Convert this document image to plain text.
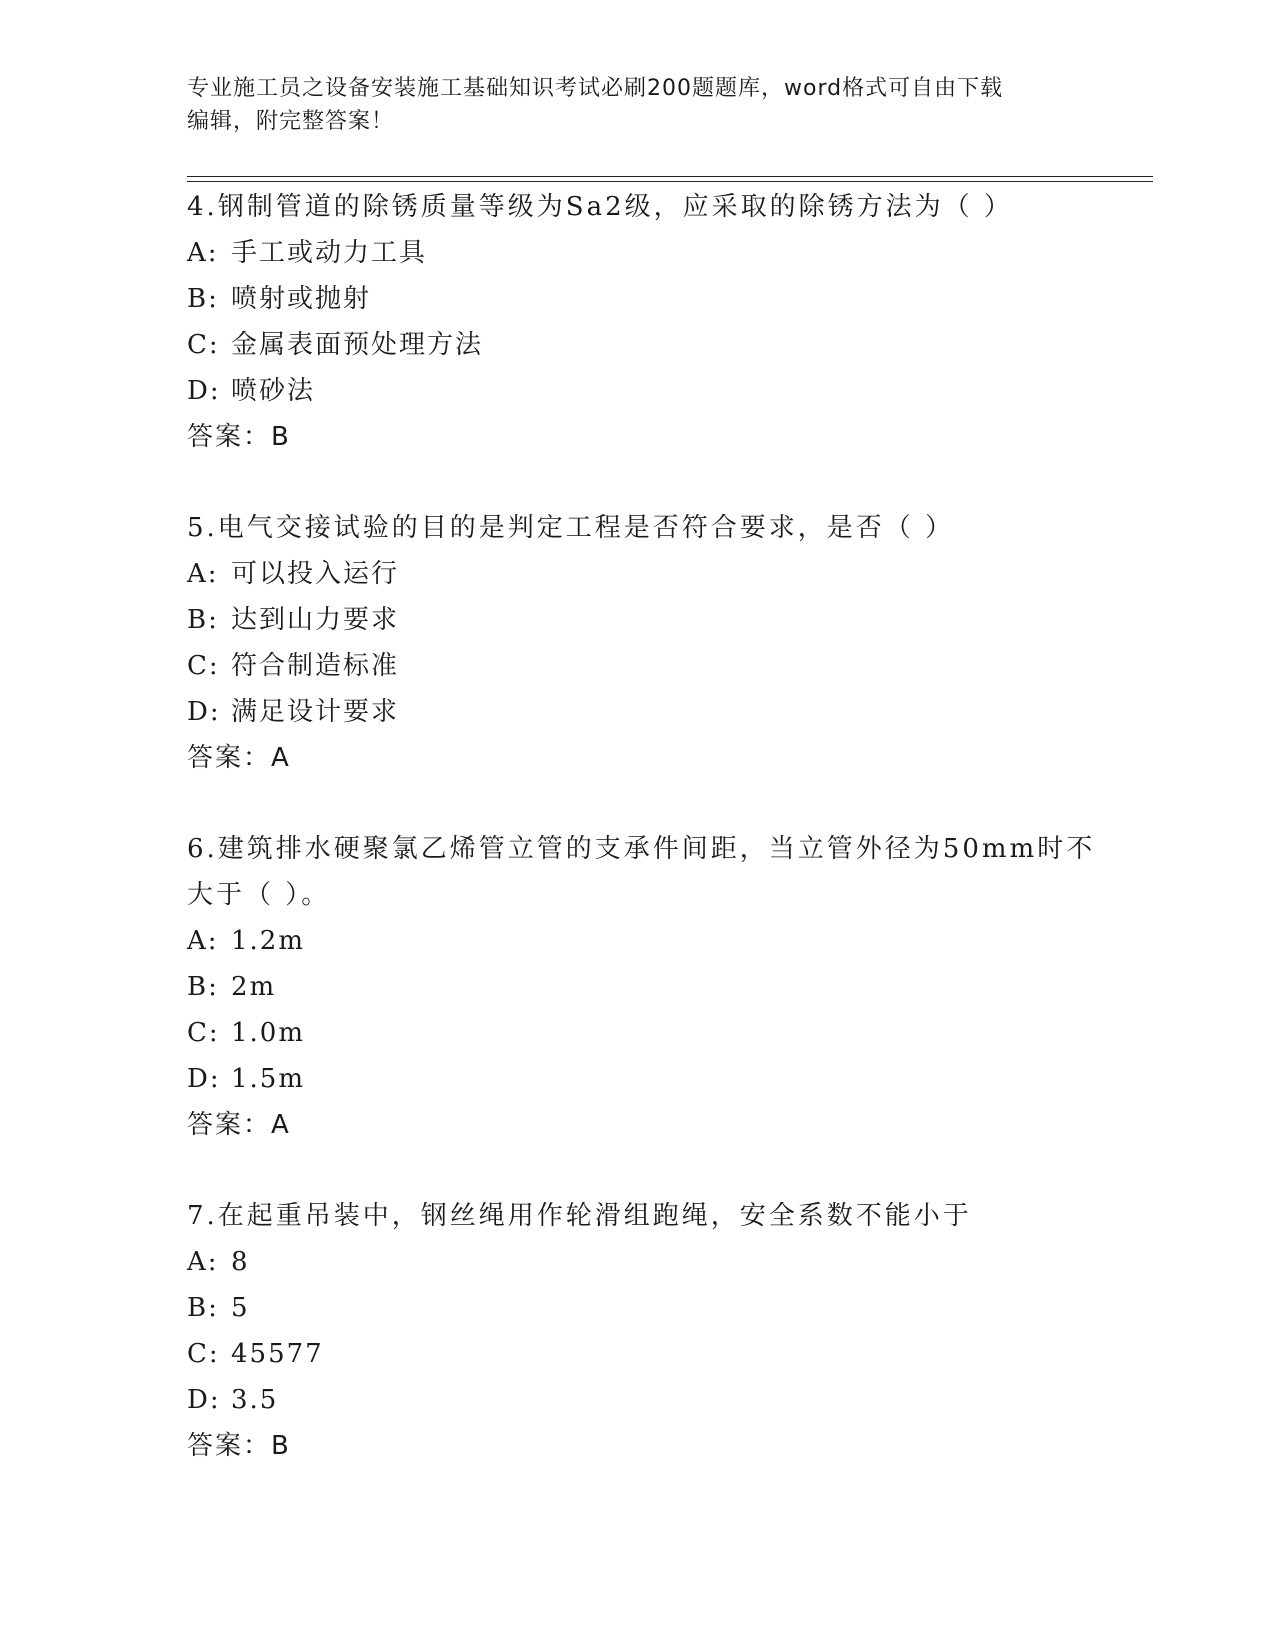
专业施工员之设备安装施工基础知识考试必刷200题题库，word格式可自由下载
编辑，附完整答案！
4.钢制管道的除锈质量等级为Sa2级，应采取的除锈方法为（ ）
A: 手工或动力工具
B: 喷射或抛射
C: 金属表面预处理方法
D: 喷砂法
答案：B
5.电气交接试验的目的是判定工程是否符合要求，是否（ ）
A: 可以投入运行
B: 达到山力要求
C: 符合制造标准
D: 满足设计要求
答案：A
6.建筑排水硬聚氯乙烯管立管的支承件间距，当立管外径为50mm时不
大于（ ）。
A: 1.2m
B: 2m
C: 1.0m
D: 1.5m
答案：A
7.在起重吊装中，钢丝绳用作轮滑组跑绳，安全系数不能小于
A: 8
B: 5
C: 45577
D: 3.5
答案：B
